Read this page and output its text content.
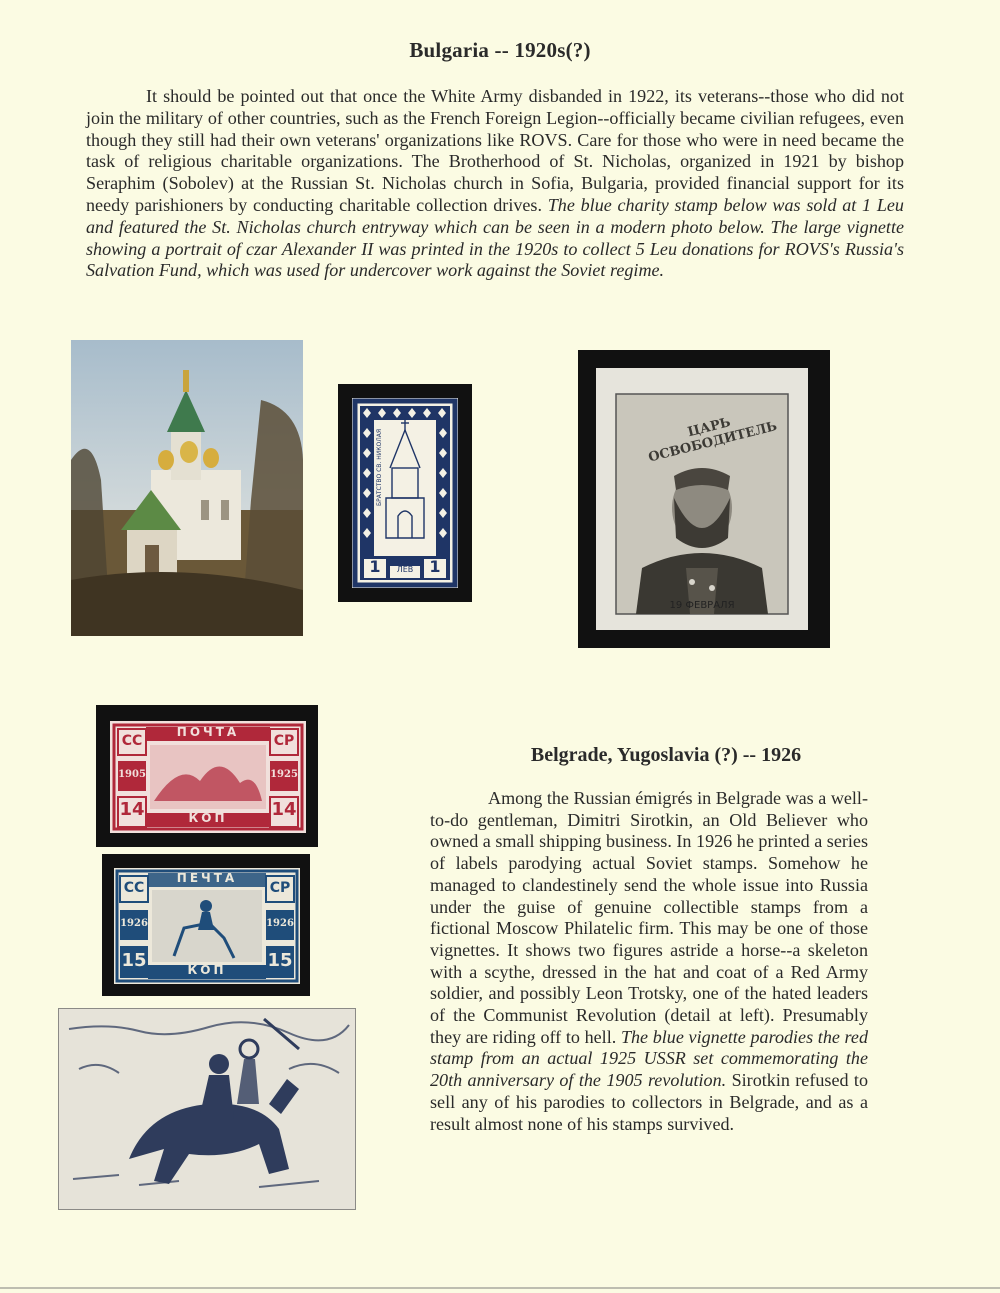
Bulgaria -- 1920s(?)

It should be pointed out that once the White Army disbanded in 1922, its veterans--those who did not join the military of other countries, such as the French Foreign Legion--officially became civilian refugees, even though they still had their own veterans' organizations like ROVS. Care for those who were in need became the task of religious charitable organizations. The Brotherhood of St. Nicholas, organized in 1921 by bishop Seraphim (Sobolev) at the Russian St. Nicholas church in Sofia, Bulgaria, provided financial support for its needy parishioners by conducting charitable collection drives. The blue charity stamp below was sold at 1 Leu and featured the St. Nicholas church entryway which can be seen in a modern photo below. The large vignette showing a portrait of czar Alexander II was printed in the 1920s to collect 5 Leu donations for ROVS's Russia's Salvation Fund, which was used for undercover work against the Soviet regime.

БРАТСТВО СВ. НИКОЛАЯ
1	1
ЛЕВ
ЦАРЬ ОСВОБОДИТЕЛЬ
19 ФЕВРАЛЯ
ПОЧТА
СС	СР
1905	1925
14	14
КОП
ПЕЧТА
СС	СР
1926	1926
15	15
КОП
Belgrade, Yugoslavia (?) -- 1926

Among the Russian émigrés in Belgrade was a well-to-do gentleman, Dimitri Sirotkin, an Old Believer who owned a small shipping business. In 1926 he printed a series of labels parodying actual Soviet stamps. Somehow he managed to clandestinely send the whole issue into Russia under the guise of genuine collectible stamps from a fictional Moscow Philatelic firm. This may be one of those vignettes. It shows two figures astride a horse--a skeleton with a scythe, dressed in the hat and coat of a Red Army soldier, and possibly Leon Trotsky, one of the hated leaders of the Communist Revolution (detail at left). Presumably they are riding off to hell. The blue vignette parodies the red stamp from an actual 1925 USSR set commemorating the 20th anniversary of the 1905 revolution. Sirotkin refused to sell any of his parodies to collectors in Belgrade, and as a result almost none of his stamps survived.
